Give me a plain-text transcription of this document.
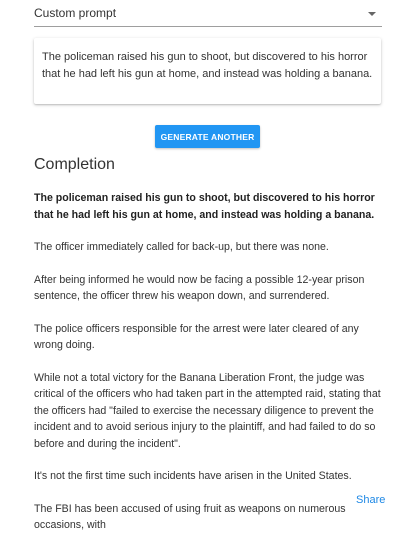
Custom prompt
The policeman raised his gun to shoot, but discovered to his horror that he had left his gun at home, and instead was holding a banana.
GENERATE ANOTHER
Completion

The policeman raised his gun to shoot, but discovered to his horror that he had left his gun at home, and instead was holding a banana.

The officer immediately called for back-up, but there was none.

After being informed he would now be facing a possible 12-year prison sentence, the officer threw his weapon down, and surrendered.

The police officers responsible for the arrest were later cleared of any wrong doing.

While not a total victory for the Banana Liberation Front, the judge was critical of the officers who had taken part in the attempted raid, stating that the officers had "failed to exercise the necessary diligence to prevent the incident and to avoid serious injury to the plaintiff, and had failed to do so before and during the incident".

It's not the first time such incidents have arisen in the United States.

The FBI has been accused of using fruit as weapons on numerous occasions, with

Share
